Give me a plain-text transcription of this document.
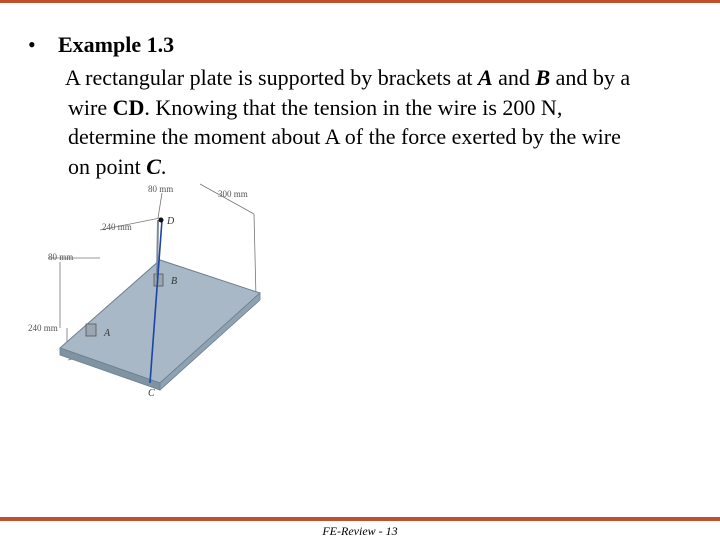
• Example 1.3
A rectangular plate is supported by brackets at A and B and by a
wire CD. Knowing that the tension in the wire is 200 N,
determine the moment about A of the force exerted by the wire
on point C.
80 mm	300 mm
240 mm
80 mm
240 mm
D
B
A
C
FE-Review - 13
